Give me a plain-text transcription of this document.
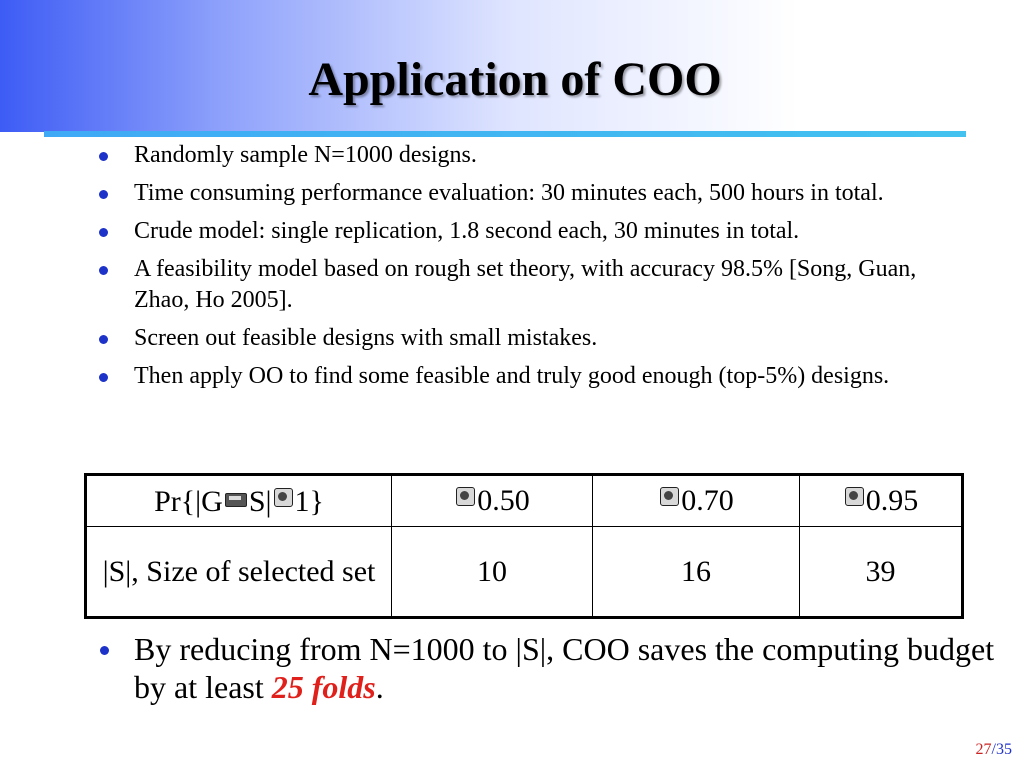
Application of COO
Randomly sample N=1000 designs.
Time consuming performance evaluation: 30 minutes each, 500 hours in total.
Crude model: single replication, 1.8 second each, 30 minutes in total.
A feasibility model based on rough set theory, with accuracy 98.5% [Song, Guan, Zhao, Ho 2005].
Screen out feasible designs with small mistakes.
Then apply OO to find some feasible and truly good enough (top-5%) designs.
Pr{|G S| 1}	0.50	0.70	0.95
|S|, Size of selected set	10	16	39
By reducing from N=1000 to |S|, COO saves the computing budget by at least 25 folds.
27/35
